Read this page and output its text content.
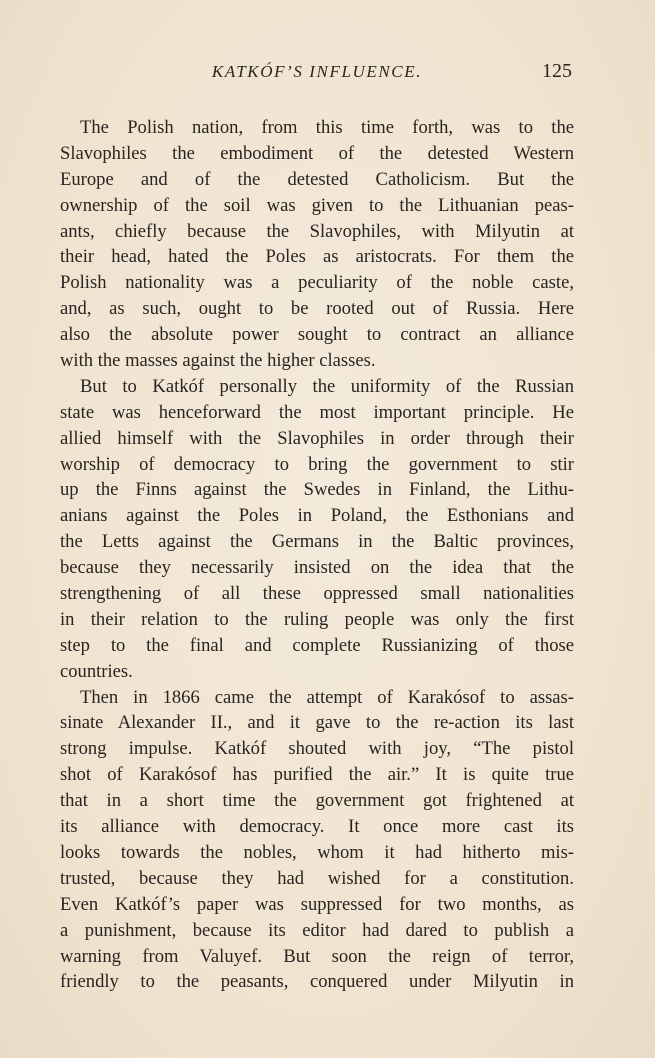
KATKÓF’S INFLUENCE.	125
The Polish nation, from this time forth, was to the
Slavophiles the embodiment of the detested Western
Europe and of the detested Catholicism. But the
ownership of the soil was given to the Lithuanian peas-
ants, chiefly because the Slavophiles, with Milyutin at
their head, hated the Poles as aristocrats. For them the
Polish nationality was a peculiarity of the noble caste,
and, as such, ought to be rooted out of Russia. Here
also the absolute power sought to contract an alliance
with the masses against the higher classes.
But to Katkóf personally the uniformity of the Russian
state was henceforward the most important principle. He
allied himself with the Slavophiles in order through their
worship of democracy to bring the government to stir
up the Finns against the Swedes in Finland, the Lithu-
anians against the Poles in Poland, the Esthonians and
the Letts against the Germans in the Baltic provinces,
because they necessarily insisted on the idea that the
strengthening of all these oppressed small nationalities
in their relation to the ruling people was only the first
step to the final and complete Russianizing of those
countries.
Then in 1866 came the attempt of Karakósof to assas-
sinate Alexander II., and it gave to the re-action its last
strong impulse. Katkóf shouted with joy, “The pistol
shot of Karakósof has purified the air.” It is quite true
that in a short time the government got frightened at
its alliance with democracy. It once more cast its
looks towards the nobles, whom it had hitherto mis-
trusted, because they had wished for a constitution.
Even Katkóf’s paper was suppressed for two months, as
a punishment, because its editor had dared to publish a
warning from Valuyef. But soon the reign of terror,
friendly to the peasants, conquered under Milyutin in
